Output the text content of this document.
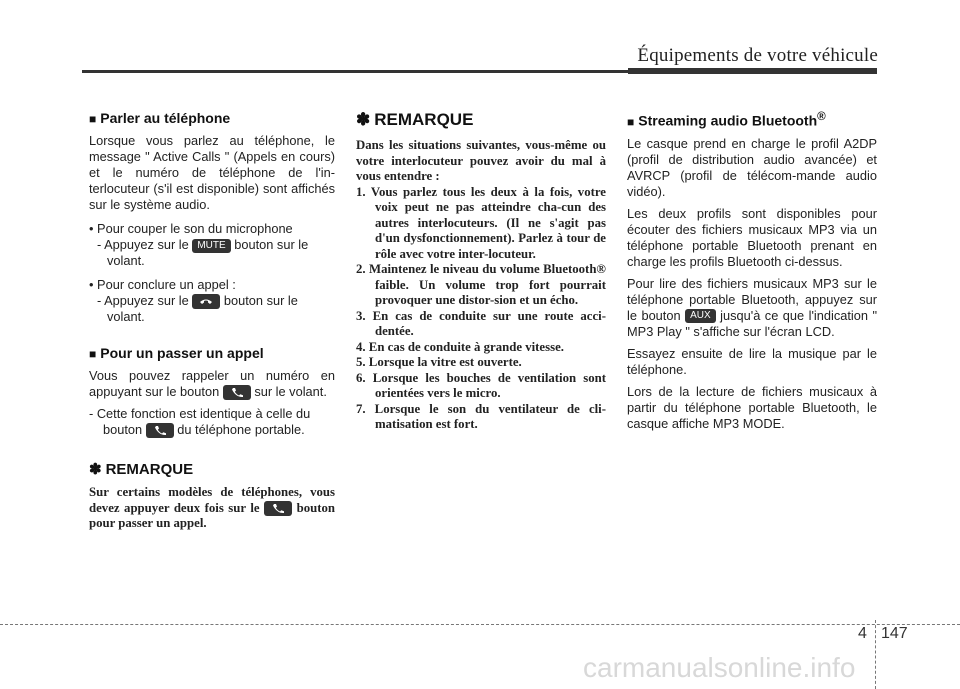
Équipements de votre véhicule
■ Parler au téléphone

Lorsque vous parlez au téléphone, le message " Active Calls " (Appels en cours) et le numéro de téléphone de l'in-terlocuteur (s'il est disponible) sont affichés sur le système audio.

• Pour couper le son du microphone

- Appuyez sur le MUTE bouton sur le volant.

• Pour conclure un appel :

- Appuyez sur le	bouton sur le volant.

■ Pour un passer un appel

Vous pouvez rappeler un numéro en appuyant sur le bouton	sur le volant.

- Cette fonction est identique à celle du bouton	du téléphone portable.

✽ REMARQUE

Sur certains modèles de téléphones, vous devez appuyer deux fois sur le	bouton pour passer un appel.

✽ REMARQUE

Dans les situations suivantes, vous-même ou votre interlocuteur pouvez avoir du mal à vous entendre :

1. Vous parlez tous les deux à la fois, votre voix peut ne pas atteindre cha-cun des autres interlocuteurs. (Il ne s'agit pas d'un dysfonctionnement). Parlez à tour de rôle avec votre inter-locuteur.
2. Maintenez le niveau du volume Bluetooth® faible. Un volume trop fort pourrait provoquer une distor-sion et un écho.
3. En cas de conduite sur une route acci-dentée.
4. En cas de conduite à grande vitesse.
5. Lorsque la vitre est ouverte.
6. Lorsque les bouches de ventilation sont orientées vers le micro.
7. Lorsque le son du ventilateur de cli-matisation est fort.
■ Streaming audio Bluetooth®

Le casque prend en charge le profil A2DP (profil de distribution audio avancée) et AVRCP (profil de télécom-mande audio vidéo).

Les deux profils sont disponibles pour écouter des fichiers musicaux MP3 via un téléphone portable Bluetooth prenant en charge les profils Bluetooth ci-dessus.

Pour lire des fichiers musicaux MP3 sur le téléphone portable Bluetooth, appuyez sur le bouton AUX jusqu'à ce que l'indication " MP3 Play " s'affiche sur l'écran LCD.

Essayez ensuite de lire la musique par le téléphone.

Lors de la lecture de fichiers musicaux à partir du téléphone portable Bluetooth, le casque affiche MP3 MODE.

4 147
carmanualsonline.info
